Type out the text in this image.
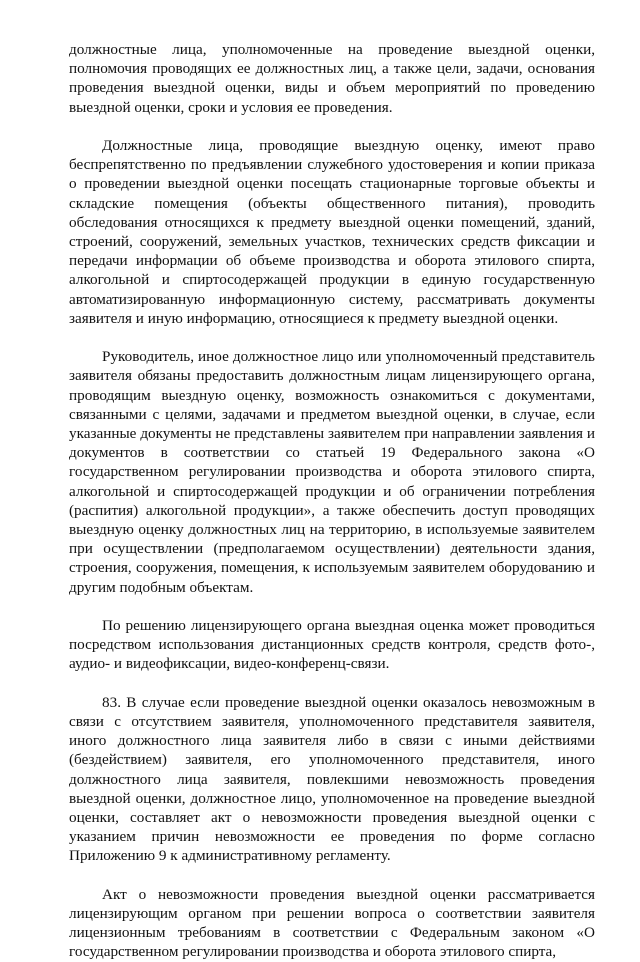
должностные лица, уполномоченные на проведение выездной оценки, полномочия проводящих ее должностных лиц, а также цели, задачи, основания проведения выездной оценки, виды и объем мероприятий по проведению выездной оценки, сроки и условия ее проведения.

Должностные лица, проводящие выездную оценку, имеют право беспрепятственно по предъявлении служебного удостоверения и копии приказа о проведении выездной оценки посещать стационарные торговые объекты и складские помещения (объекты общественного питания), проводить обследования относящихся к предмету выездной оценки помещений, зданий, строений, сооружений, земельных участков, технических средств фиксации и передачи информации об объеме производства и оборота этилового спирта, алкогольной и спиртосодержащей продукции в единую государственную автоматизированную информационную систему, рассматривать документы заявителя и иную информацию, относящиеся к предмету выездной оценки.

Руководитель, иное должностное лицо или уполномоченный представитель заявителя обязаны предоставить должностным лицам лицензирующего органа, проводящим выездную оценку, возможность ознакомиться с документами, связанными с целями, задачами и предметом выездной оценки, в случае, если указанные документы не представлены заявителем при направлении заявления и документов в соответствии со статьей 19 Федерального закона «О государственном регулировании производства и оборота этилового спирта, алкогольной и спиртосодержащей продукции и об ограничении потребления (распития) алкогольной продукции», а также обеспечить доступ проводящих выездную оценку должностных лиц на территорию, в используемые заявителем при осуществлении (предполагаемом осуществлении) деятельности здания, строения, сооружения, помещения, к используемым заявителем оборудованию и другим подобным объектам.

По решению лицензирующего органа выездная оценка может проводиться посредством использования дистанционных средств контроля, средств фото-, аудио- и видеофиксации, видео-конференц-связи.

83. В случае если проведение выездной оценки оказалось невозможным в связи с отсутствием заявителя, уполномоченного представителя заявителя, иного должностного лица заявителя либо в связи с иными действиями (бездействием) заявителя, его уполномоченного представителя, иного должностного лица заявителя, повлекшими невозможность проведения выездной оценки, должностное лицо, уполномоченное на проведение выездной оценки, составляет акт о невозможности проведения выездной оценки с указанием причин невозможности ее проведения по форме согласно Приложению 9 к административному регламенту.

Акт о невозможности проведения выездной оценки рассматривается лицензирующим органом при решении вопроса о соответствии заявителя лицензионным требованиям в соответствии с Федеральным законом «О государственном регулировании производства и оборота этилового спирта,
